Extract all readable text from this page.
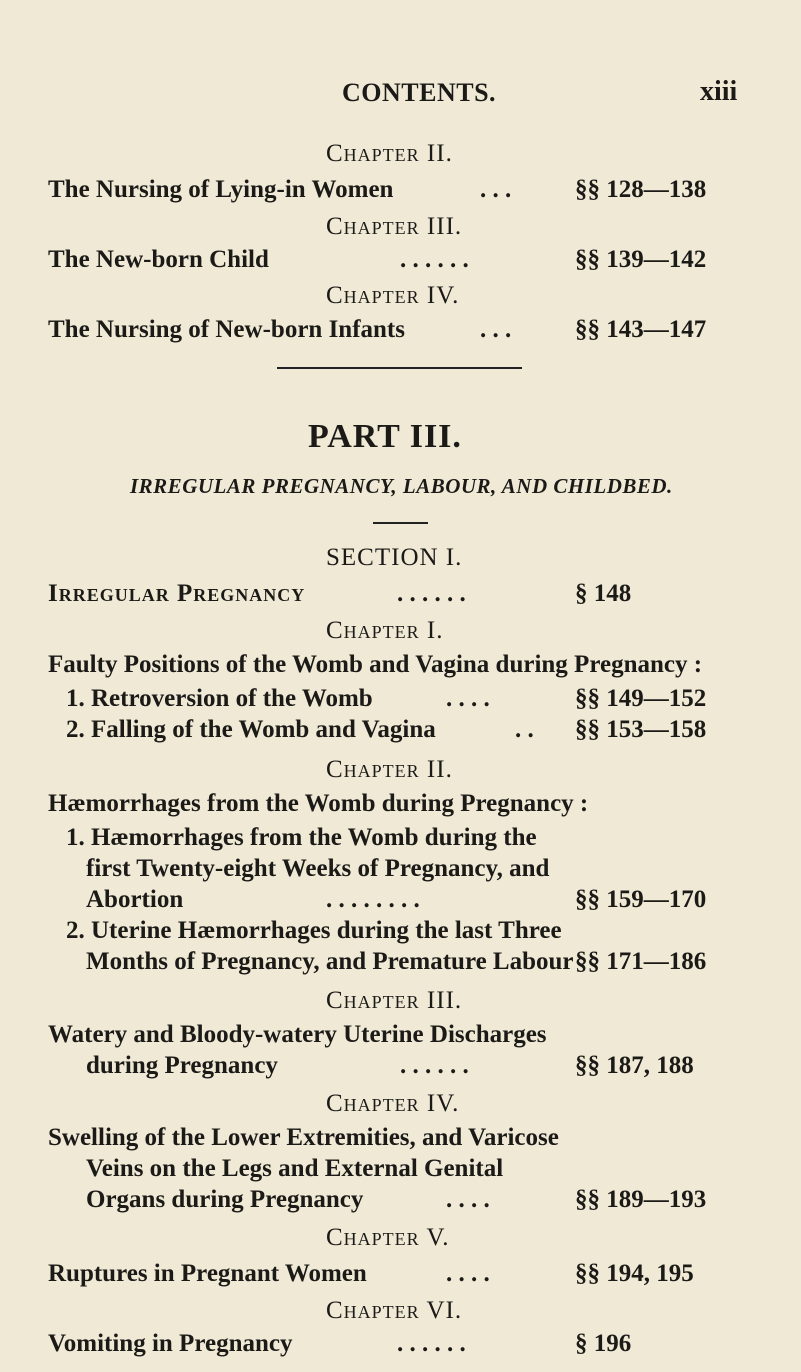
CONTENTS.	xiii
Chapter II.
The Nursing of Lying-in Women	. . .	§§ 128—138
Chapter III.
The New-born Child	. . . . . .	§§ 139—142
Chapter IV.
The Nursing of New-born Infants	. . .	§§ 143—147
PART III.
IRREGULAR PREGNANCY, LABOUR, AND CHILDBED.
SECTION I.
Irregular Pregnancy	. . . . . .	§ 148
Chapter I.
Faulty Positions of the Womb and Vagina during Pregnancy :
1. Retroversion of the Womb	. . . .	§§ 149—152
2. Falling of the Womb and Vagina	. . §§ 153—158
Chapter II.
Hæmorrhages from the Womb during Pregnancy :
1. Hæmorrhages from the Womb during the
first Twenty-eight Weeks of Pregnancy, and
Abortion	. . . . . . . .	§§ 159—170
2. Uterine Hæmorrhages during the last Three
Months of Pregnancy, and Premature Labour §§ 171—186
Chapter III.
Watery and Bloody-watery Uterine Discharges
during Pregnancy	. . . . . .	§§ 187, 188
Chapter IV.
Swelling of the Lower Extremities, and Varicose
Veins on the Legs and External Genital
Organs during Pregnancy	. . . .	§§ 189—193
Chapter V.
Ruptures in Pregnant Women	. . . .	§§ 194, 195
Chapter VI.
Vomiting in Pregnancy	. . . . . .	§ 196
